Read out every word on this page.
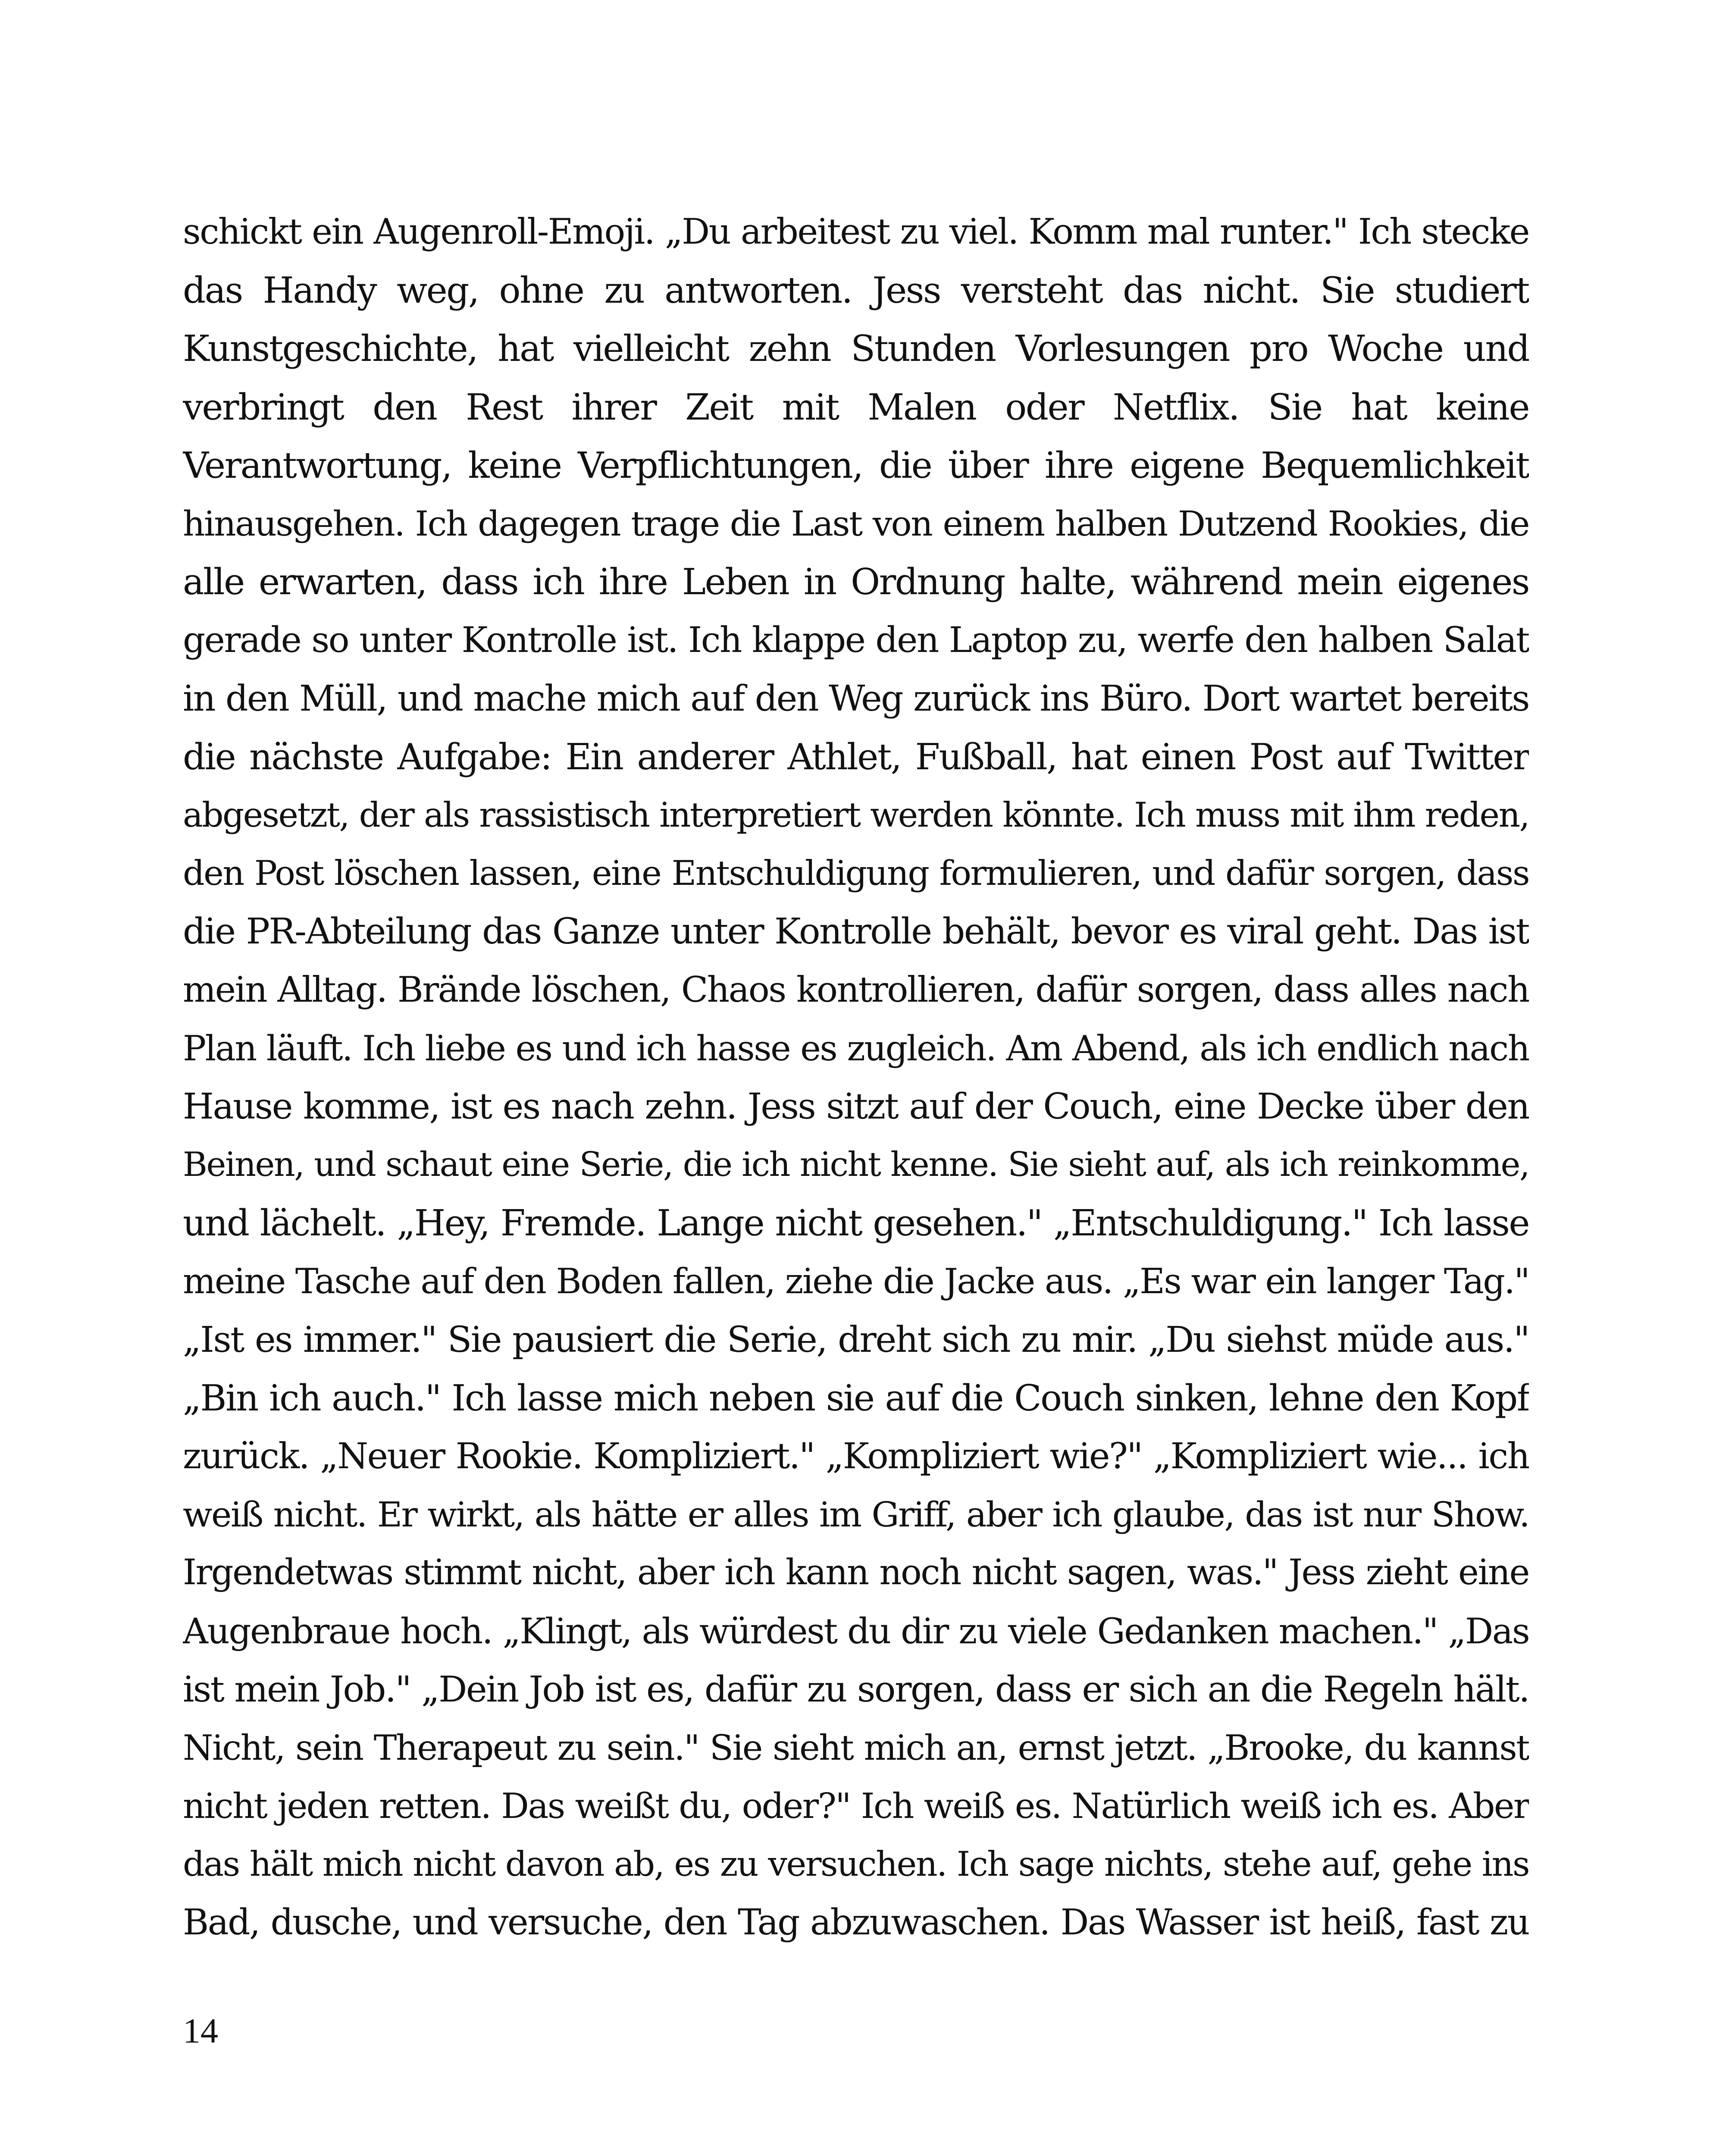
schickt ein Augenroll-Emoji. „Du arbeitest zu viel. Komm mal runter." Ich stecke
das Handy weg, ohne zu antworten. Jess versteht das nicht. Sie studiert
Kunstgeschichte, hat vielleicht zehn Stunden Vorlesungen pro Woche und
verbringt den Rest ihrer Zeit mit Malen oder Netflix. Sie hat keine
Verantwortung, keine Verpflichtungen, die über ihre eigene Bequemlichkeit
hinausgehen. Ich dagegen trage die Last von einem halben Dutzend Rookies, die
alle erwarten, dass ich ihre Leben in Ordnung halte, während mein eigenes
gerade so unter Kontrolle ist. Ich klappe den Laptop zu, werfe den halben Salat
in den Müll, und mache mich auf den Weg zurück ins Büro. Dort wartet bereits
die nächste Aufgabe: Ein anderer Athlet, Fußball, hat einen Post auf Twitter
abgesetzt, der als rassistisch interpretiert werden könnte. Ich muss mit ihm reden,
den Post löschen lassen, eine Entschuldigung formulieren, und dafür sorgen, dass
die PR-Abteilung das Ganze unter Kontrolle behält, bevor es viral geht. Das ist
mein Alltag. Brände löschen, Chaos kontrollieren, dafür sorgen, dass alles nach
Plan läuft. Ich liebe es und ich hasse es zugleich. Am Abend, als ich endlich nach
Hause komme, ist es nach zehn. Jess sitzt auf der Couch, eine Decke über den
Beinen, und schaut eine Serie, die ich nicht kenne. Sie sieht auf, als ich reinkomme,
und lächelt. „Hey, Fremde. Lange nicht gesehen." „Entschuldigung." Ich lasse
meine Tasche auf den Boden fallen, ziehe die Jacke aus. „Es war ein langer Tag."
„Ist es immer." Sie pausiert die Serie, dreht sich zu mir. „Du siehst müde aus."
„Bin ich auch." Ich lasse mich neben sie auf die Couch sinken, lehne den Kopf
zurück. „Neuer Rookie. Kompliziert." „Kompliziert wie?" „Kompliziert wie... ich
weiß nicht. Er wirkt, als hätte er alles im Griff, aber ich glaube, das ist nur Show.
Irgendetwas stimmt nicht, aber ich kann noch nicht sagen, was." Jess zieht eine
Augenbraue hoch. „Klingt, als würdest du dir zu viele Gedanken machen." „Das
ist mein Job." „Dein Job ist es, dafür zu sorgen, dass er sich an die Regeln hält.
Nicht, sein Therapeut zu sein." Sie sieht mich an, ernst jetzt. „Brooke, du kannst
nicht jeden retten. Das weißt du, oder?" Ich weiß es. Natürlich weiß ich es. Aber
das hält mich nicht davon ab, es zu versuchen. Ich sage nichts, stehe auf, gehe ins
Bad, dusche, und versuche, den Tag abzuwaschen. Das Wasser ist heiß, fast zu
14
